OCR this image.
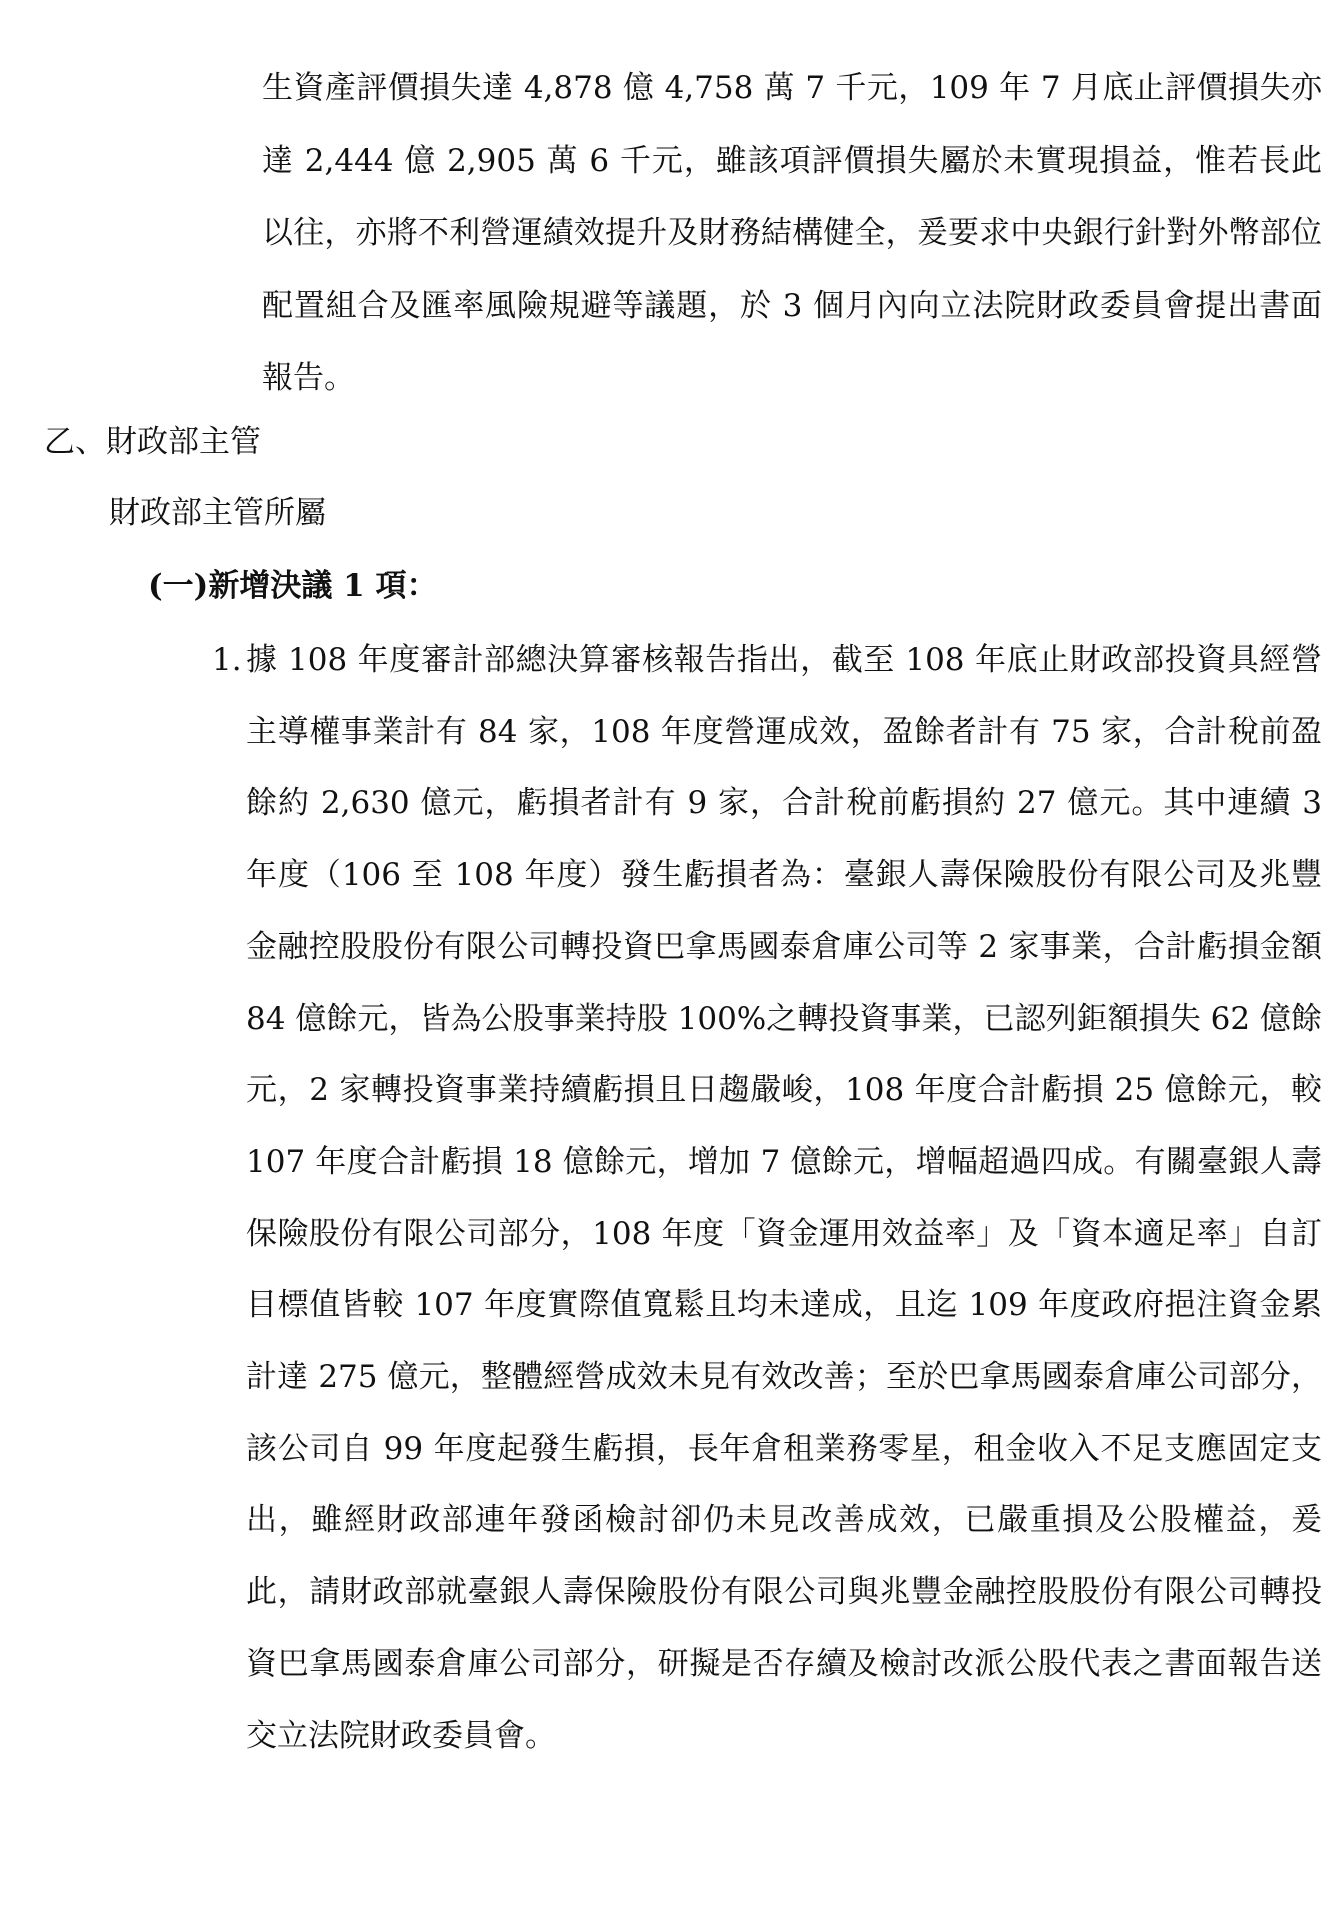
生資產評價損失達 4,878 億 4,758 萬 7 千元，109 年 7 月底止評價損失亦達 2,444 億 2,905 萬 6 千元，雖該項評價損失屬於未實現損益，惟若長此以往，亦將不利營運績效提升及財務結構健全，爰要求中央銀行針對外幣部位配置組合及匯率風險規避等議題，於 3 個月內向立法院財政委員會提出書面報告。

乙、財政部主管
財政部主管所屬
(一)新增決議 1 項：
1. 據 108 年度審計部總決算審核報告指出，截至 108 年底止財政部投資具經營主導權事業計有 84 家，108 年度營運成效，盈餘者計有 75 家，合計稅前盈餘約 2,630 億元，虧損者計有 9 家，合計稅前虧損約 27 億元。其中連續 3 年度（106 至 108 年度）發生虧損者為：臺銀人壽保險股份有限公司及兆豐金融控股股份有限公司轉投資巴拿馬國泰倉庫公司等 2 家事業，合計虧損金額 84 億餘元，皆為公股事業持股 100%之轉投資事業，已認列鉅額損失 62 億餘元，2 家轉投資事業持續虧損且日趨嚴峻，108 年度合計虧損 25 億餘元，較 107 年度合計虧損 18 億餘元，增加 7 億餘元，增幅超過四成。有關臺銀人壽保險股份有限公司部分，108 年度「資金運用效益率」及「資本適足率」自訂目標值皆較 107 年度實際值寬鬆且均未達成，且迄 109 年度政府挹注資金累計達 275 億元，整體經營成效未見有效改善；至於巴拿馬國泰倉庫公司部分，該公司自 99 年度起發生虧損，長年倉租業務零星，租金收入不足支應固定支出，雖經財政部連年發函檢討卻仍未見改善成效，已嚴重損及公股權益，爰此，請財政部就臺銀人壽保險股份有限公司與兆豐金融控股股份有限公司轉投資巴拿馬國泰倉庫公司部分，研擬是否存續及檢討改派公股代表之書面報告送交立法院財政委員會。
